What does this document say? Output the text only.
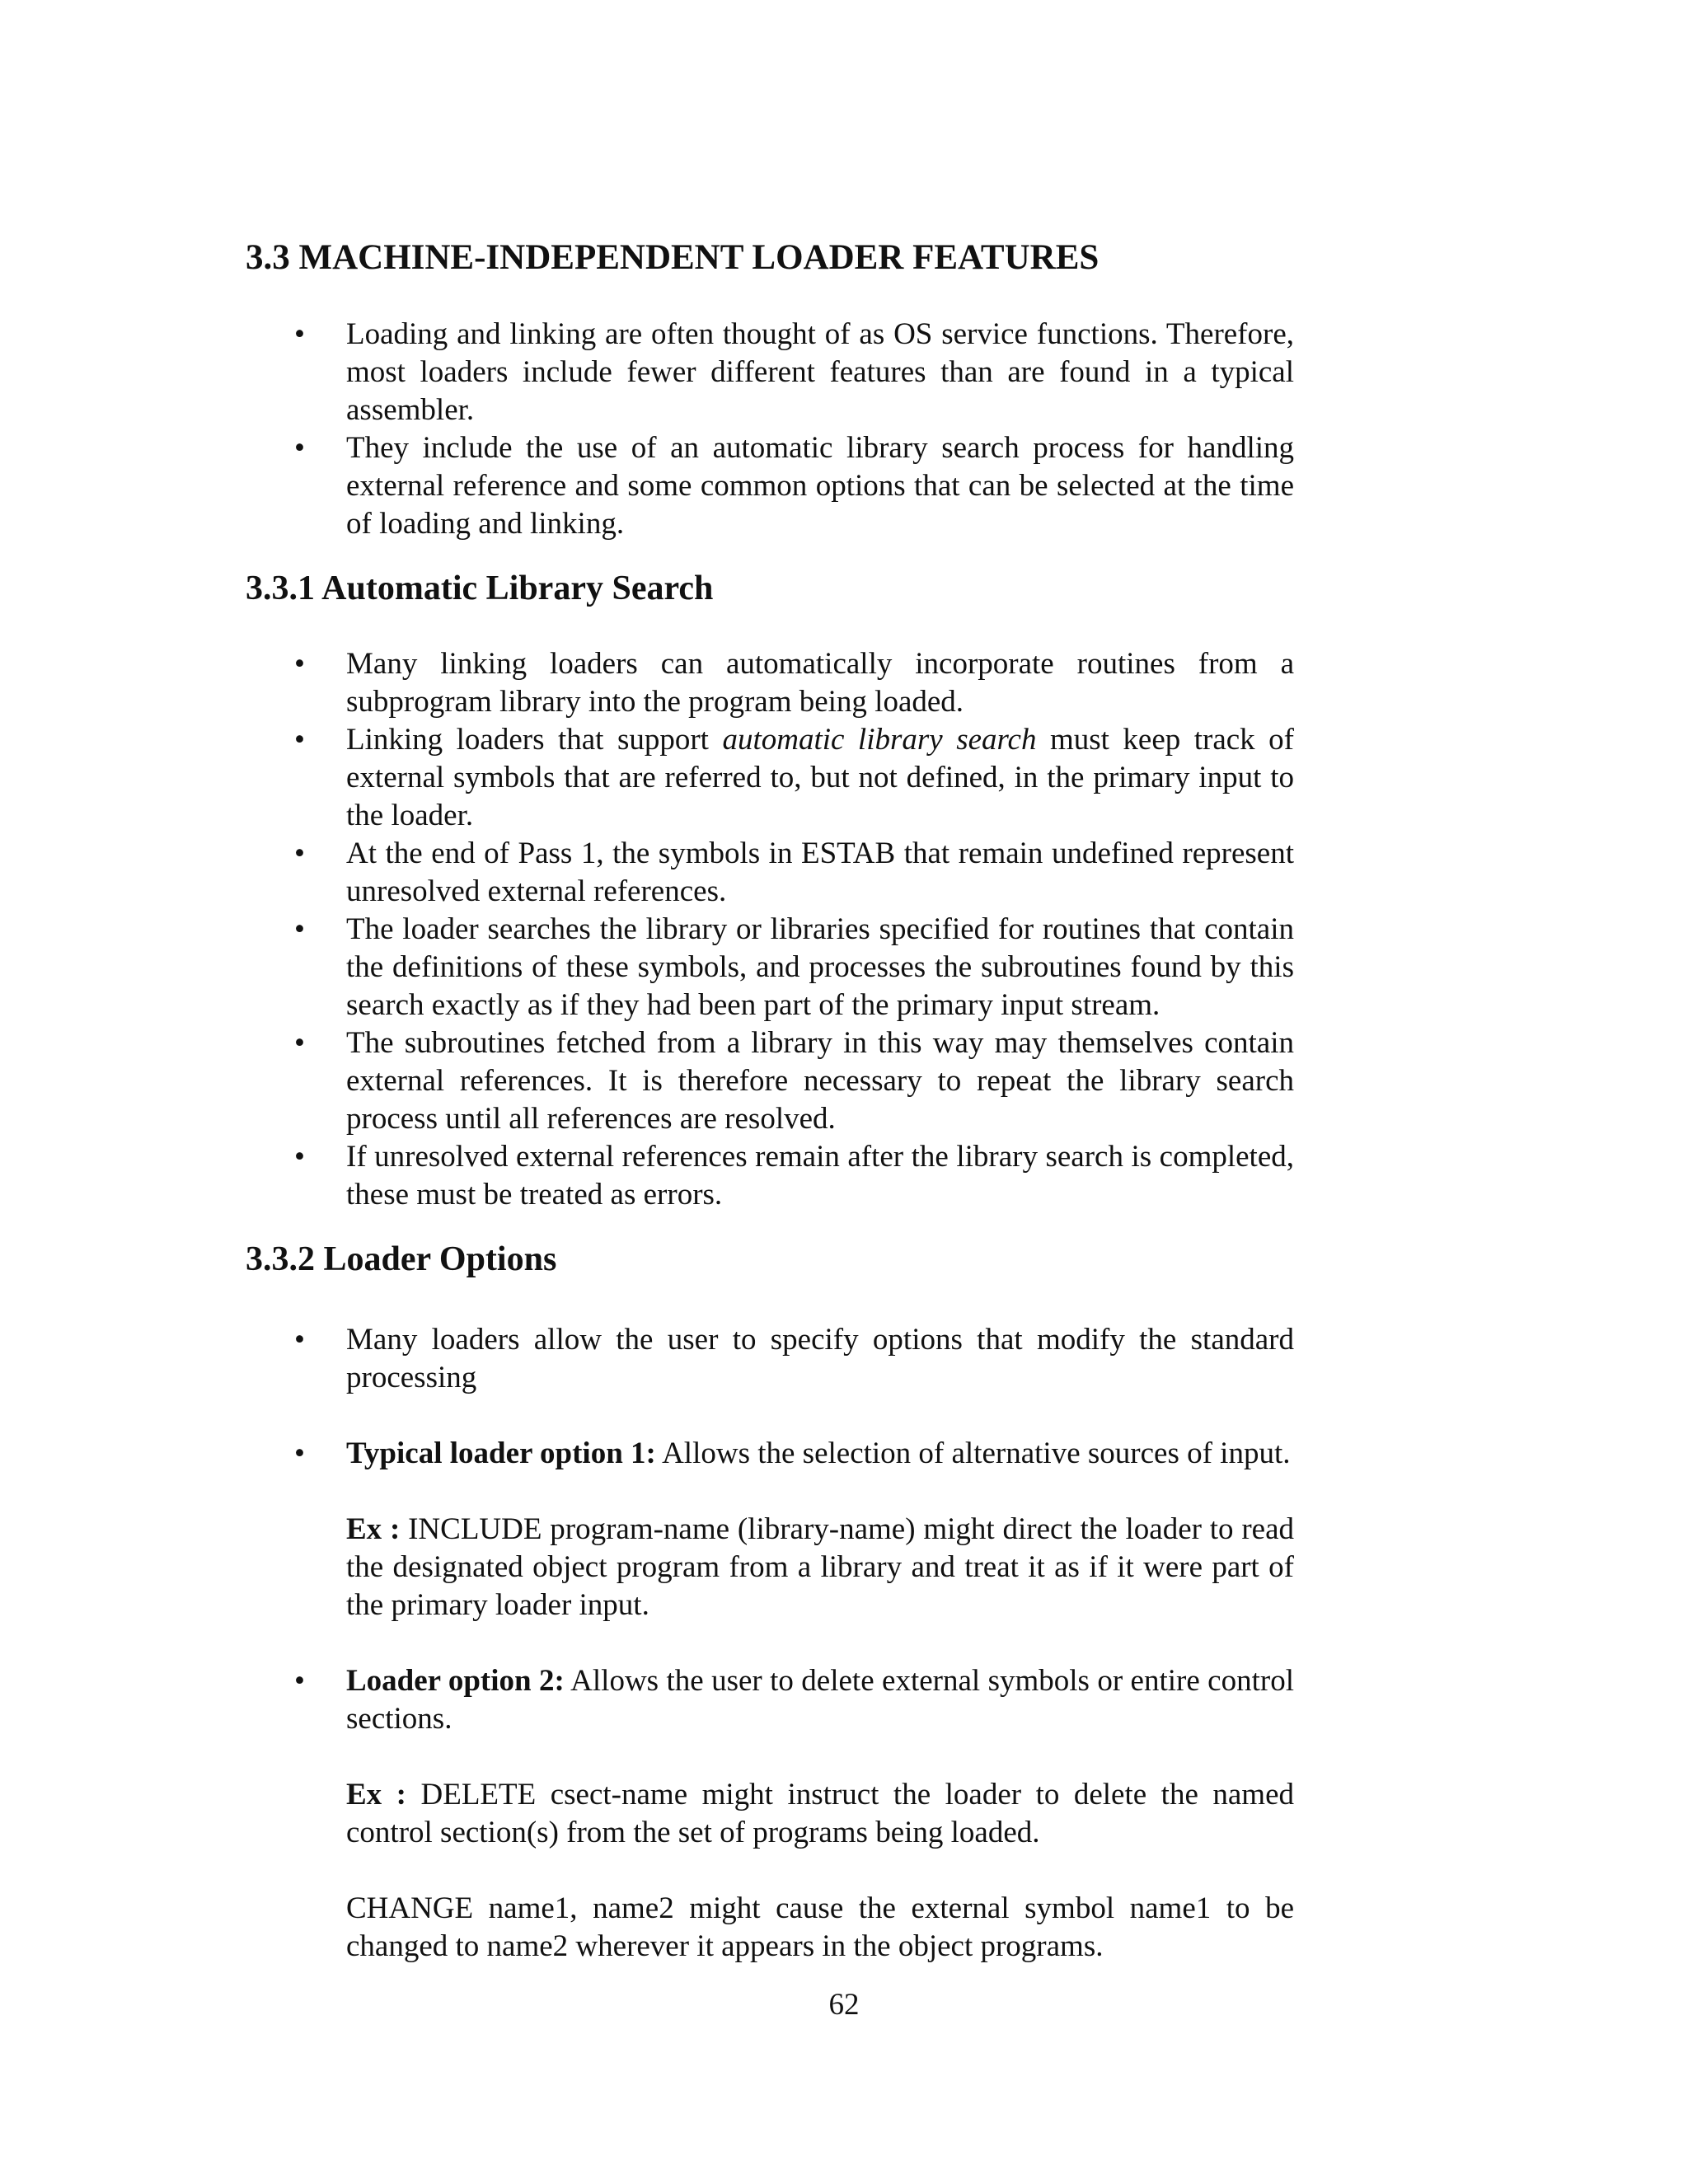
3.3 MACHINE-INDEPENDENT LOADER FEATURES
• Loading and linking are often thought of as OS service functions. Therefore, most loaders include fewer different features than are found in a typical assembler.
• They include the use of an automatic library search process for handling external reference and some common options that can be selected at the time of loading and linking.
3.3.1 Automatic Library Search
• Many linking loaders can automatically incorporate routines from a subprogram library into the program being loaded.
• Linking loaders that support automatic library search must keep track of external symbols that are referred to, but not defined, in the primary input to the loader.
• At the end of Pass 1, the symbols in ESTAB that remain undefined represent unresolved external references.
• The loader searches the library or libraries specified for routines that contain the definitions of these symbols, and processes the subroutines found by this search exactly as if they had been part of the primary input stream.
• The subroutines fetched from a library in this way may themselves contain external references. It is therefore necessary to repeat the library search process until all references are resolved.
• If unresolved external references remain after the library search is completed, these must be treated as errors.
3.3.2 Loader Options
• Many loaders allow the user to specify options that modify the standard processing
• Typical loader option 1: Allows the selection of alternative sources of input.

Ex : INCLUDE program-name (library-name) might direct the loader to read the designated object program from a library and treat it as if it were part of the primary loader input.

• Loader option 2: Allows the user to delete external symbols or entire control sections.

Ex : DELETE csect-name might instruct the loader to delete the named control section(s) from the set of programs being loaded.

CHANGE name1, name2 might cause the external symbol name1 to be changed to name2 wherever it appears in the object programs.

62
